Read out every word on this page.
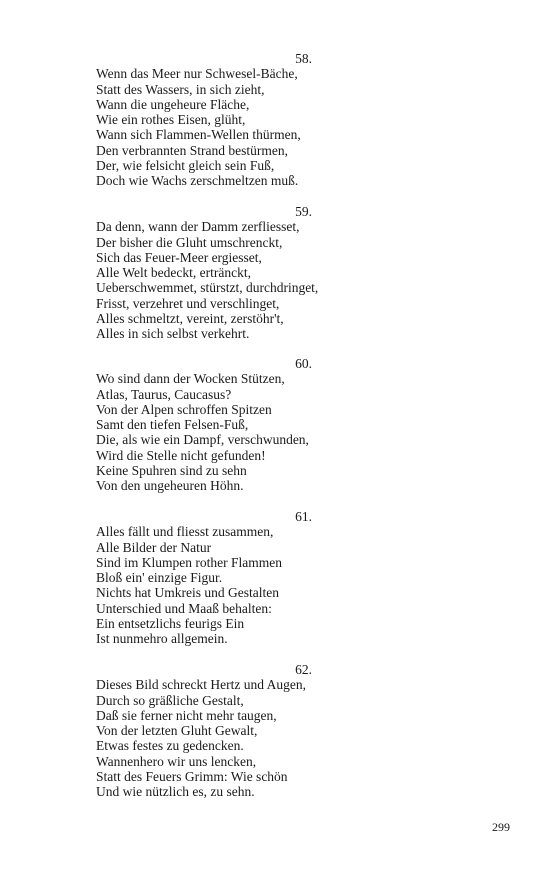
58.
Wenn das Meer nur Schwesel-Bäche,
Statt des Wassers, in sich zieht,
Wann die ungeheure Fläche,
Wie ein rothes Eisen, glüht,
Wann sich Flammen-Wellen thürmen,
Den verbrannten Strand bestürmen,
Der, wie felsicht gleich sein Fuß,
Doch wie Wachs zerschmeltzen muß.
59.
Da denn, wann der Damm zerfliesset,
Der bisher die Gluht umschrenckt,
Sich das Feuer-Meer ergiesset,
Alle Welt bedeckt, ertränckt,
Ueberschwemmet, stürstzt, durchdringet,
Frisst, verzehret und verschlinget,
Alles schmeltzt, vereint, zerstöhr't,
Alles in sich selbst verkehrt.
60.
Wo sind dann der Wocken Stützen,
Atlas, Taurus, Caucasus?
Von der Alpen schroffen Spitzen
Samt den tiefen Felsen-Fuß,
Die, als wie ein Dampf, verschwunden,
Wird die Stelle nicht gefunden!
Keine Spuhren sind zu sehn
Von den ungeheuren Höhn.
61.
Alles fällt und fliesst zusammen,
Alle Bilder der Natur
Sind im Klumpen rother Flammen
Bloß ein' einzige Figur.
Nichts hat Umkreis und Gestalten
Unterschied und Maaß behalten:
Ein entsetzlichs feurigs Ein
Ist nunmehro allgemein.
62.
Dieses Bild schreckt Hertz und Augen,
Durch so gräßliche Gestalt,
Daß sie ferner nicht mehr taugen,
Von der letzten Gluht Gewalt,
Etwas festes zu gedencken.
Wannenhero wir uns lencken,
Statt des Feuers Grimm: Wie schön
Und wie nützlich es, zu sehn.
299
